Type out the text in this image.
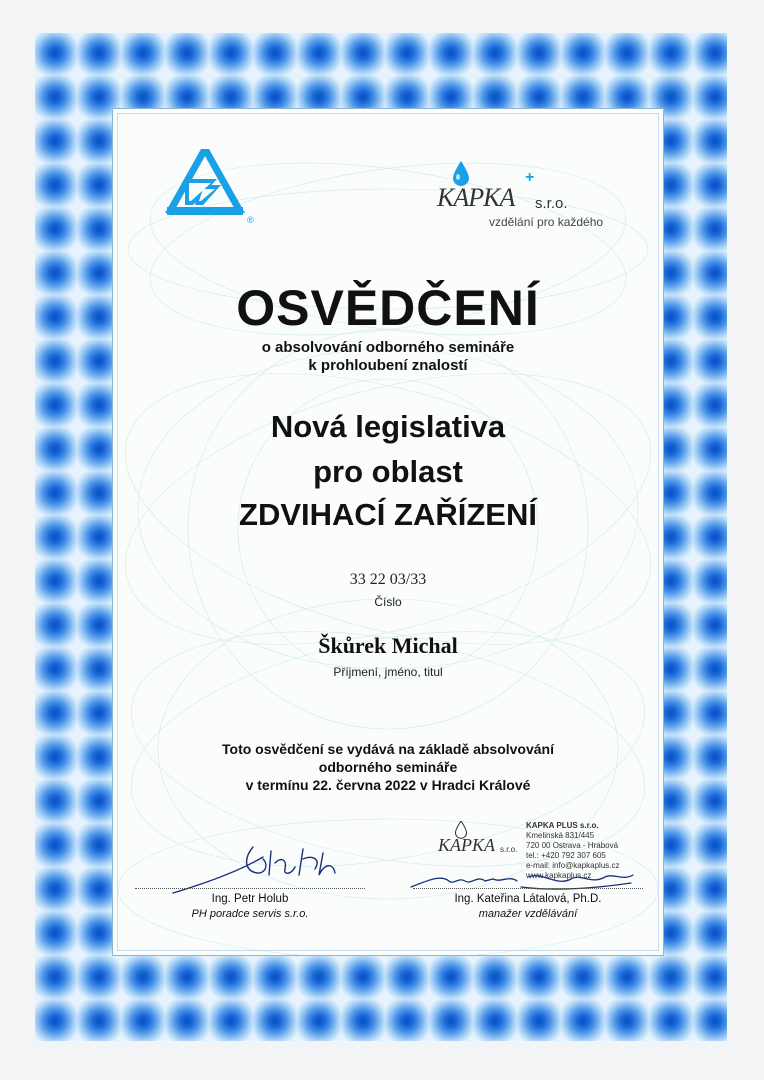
®
KAPKA
+
s.r.o.
vzdělání pro každého
OSVĚDČENÍ
o absolvování odborného semináře
k prohloubení znalostí
Nová legislativa
pro oblast
ZDVIHACÍ ZAŘÍZENÍ
33 22 03/33
Číslo
Škůrek Michal
Příjmení, jméno, titul
Toto osvědčení se vydává na základě absolvování
odborného semináře
v termínu 22. června 2022 v Hradci Králové
Ing. Petr Holub
PH poradce servis s.r.o.
KAPKA s.r.o.
KAPKA PLUS s.r.o.
Kmelinská 831/445
720 00 Ostrava - Hrabová
tel.: +420 792 307 605
e-mail: info@kapkaplus.cz
www.kapkaplus.cz
Ing. Kateřina Látalová, Ph.D.
manažer vzdělávání
